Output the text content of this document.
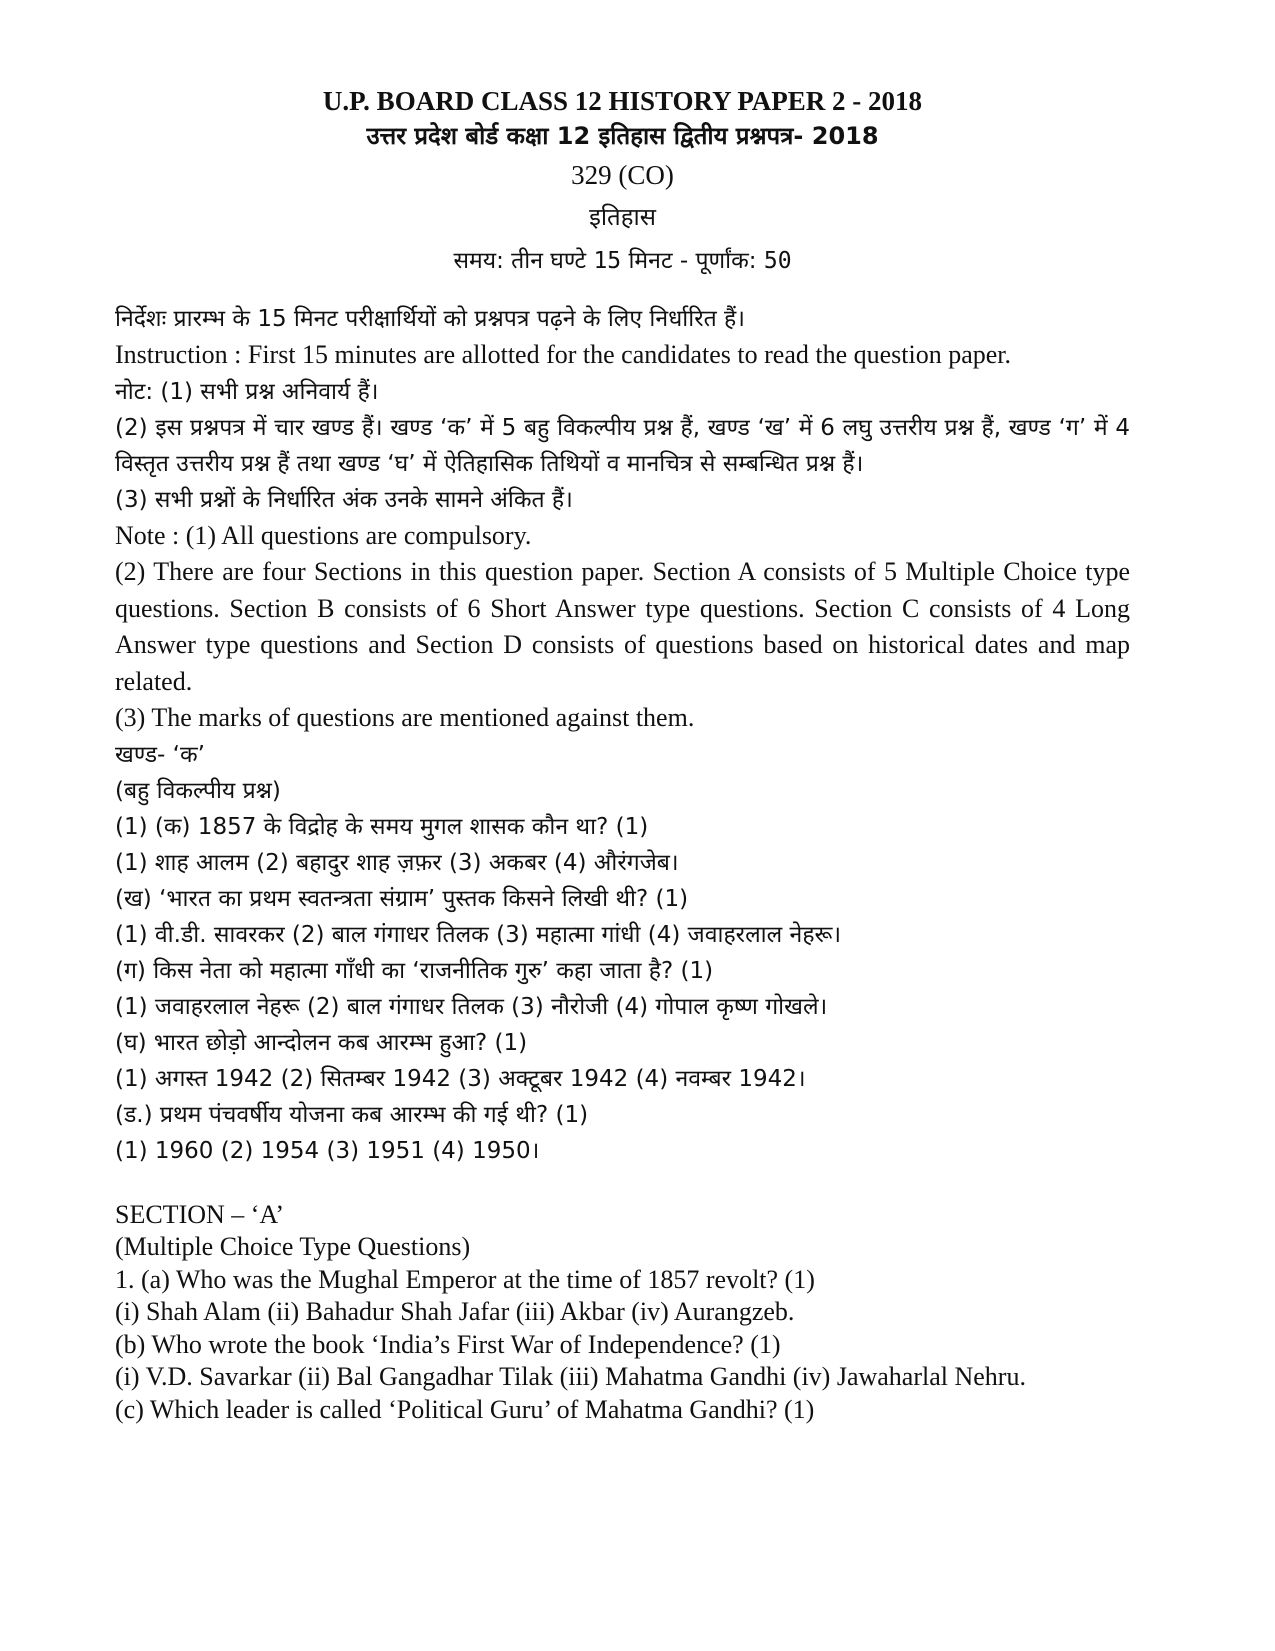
U.P. BOARD CLASS 12 HISTORY PAPER 2 - 2018
उत्तर प्रदेश बोर्ड कक्षा 12 इतिहास द्वितीय प्रश्नपत्र- 2018
329 (CO)
इतिहास
समय: तीन घण्टे 15 मिनट - पूर्णांक: 50
निर्देशः प्रारम्भ के 15 मिनट परीक्षार्थियों को प्रश्नपत्र पढ़ने के लिए निर्धारित हैं।
Instruction : First 15 minutes are allotted for the candidates to read the question paper.
नोट: (1) सभी प्रश्न अनिवार्य हैं।
(2) इस प्रश्नपत्र में चार खण्ड हैं। खण्ड ‘क’ में 5 बहु विकल्पीय प्रश्न हैं, खण्ड ‘ख’ में 6 लघु उत्तरीय प्रश्न हैं, खण्ड ‘ग’ में 4 विस्तृत उत्तरीय प्रश्न हैं तथा खण्ड ‘घ’ में ऐतिहासिक तिथियों व मानचित्र से सम्बन्धित प्रश्न हैं।
(3) सभी प्रश्नों के निर्धारित अंक उनके सामने अंकित हैं।
Note : (1) All questions are compulsory.
(2) There are four Sections in this question paper. Section A consists of 5 Multiple Choice type questions. Section B consists of 6 Short Answer type questions. Section C consists of 4 Long Answer type questions and Section D consists of questions based on historical dates and map related.
(3) The marks of questions are mentioned against them.
खण्ड- ‘क’
(बहु विकल्पीय प्रश्न)
(1) (क) 1857 के विद्रोह के समय मुगल शासक कौन था? (1)
(1) शाह आलम (2) बहादुर शाह ज़फ़र (3) अकबर (4) औरंगजेब।
(ख) ‘भारत का प्रथम स्वतन्त्रता संग्राम’ पुस्तक किसने लिखी थी? (1)
(1) वी.डी. सावरकर (2) बाल गंगाधर तिलक (3) महात्मा गांधी (4) जवाहरलाल नेहरू।
(ग) किस नेता को महात्मा गाँधी का ‘राजनीतिक गुरु’ कहा जाता है? (1)
(1) जवाहरलाल नेहरू (2) बाल गंगाधर तिलक (3) नौरोजी (4) गोपाल कृष्ण गोखले।
(घ) भारत छोड़ो आन्दोलन कब आरम्भ हुआ? (1)
(1) अगस्त 1942 (2) सितम्बर 1942 (3) अक्टूबर 1942 (4) नवम्बर 1942।
(ड.) प्रथम पंचवर्षीय योजना कब आरम्भ की गई थी? (1)
(1) 1960 (2) 1954 (3) 1951 (4) 1950।
SECTION – ‘A’
(Multiple Choice Type Questions)
1. (a) Who was the Mughal Emperor at the time of 1857 revolt? (1)
(i) Shah Alam (ii) Bahadur Shah Jafar (iii) Akbar (iv) Aurangzeb.
(b) Who wrote the book ‘India’s First War of Independence? (1)
(i) V.D. Savarkar (ii) Bal Gangadhar Tilak (iii) Mahatma Gandhi (iv) Jawaharlal Nehru.
(c) Which leader is called ‘Political Guru’ of Mahatma Gandhi? (1)
